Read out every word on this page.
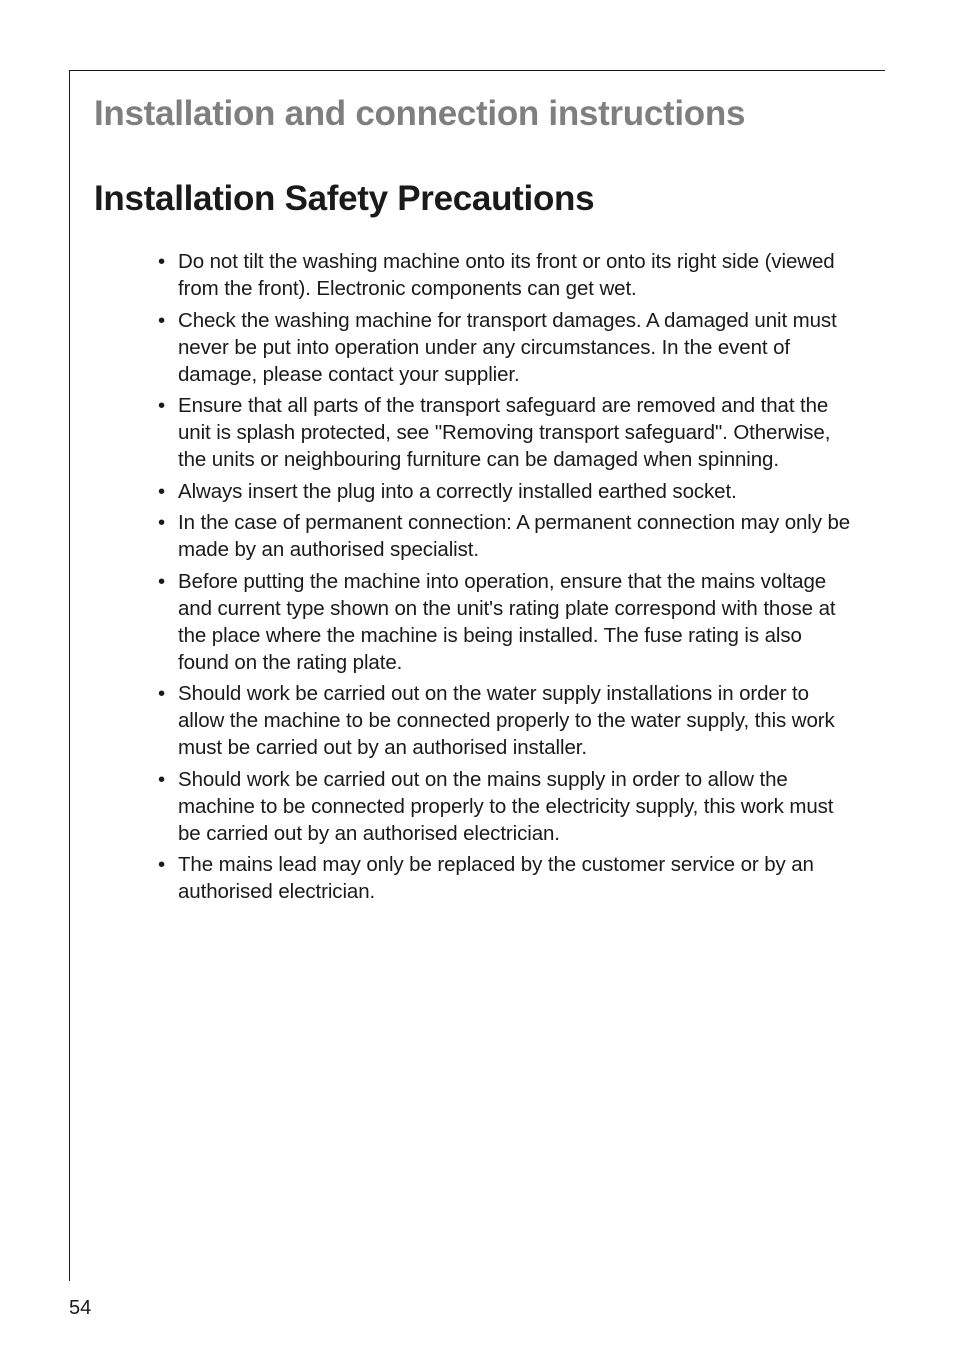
Installation and connection instructions
Installation Safety Precautions
• Do not tilt the washing machine onto its front or onto its right side (viewed from the front). Electronic components can get wet.
• Check the washing machine for transport damages. A damaged unit must never be put into operation under any circumstances. In the event of damage, please contact your supplier.
• Ensure that all parts of the transport safeguard are removed and that the unit is splash protected, see "Removing transport safeguard". Otherwise, the units or neighbouring furniture can be damaged when spinning.
• Always insert the plug into a correctly installed earthed socket.
• In the case of permanent connection: A permanent connection may only be made by an authorised specialist.
• Before putting the machine into operation, ensure that the mains voltage and current type shown on the unit's rating plate correspond with those at the place where the machine is being installed. The fuse rating is also found on the rating plate.
• Should work be carried out on the water supply installations in order to allow the machine to be connected properly to the water supply, this work must be carried out by an authorised installer.
• Should work be carried out on the mains supply in order to allow the machine to be connected properly to the electricity supply, this work must be carried out by an authorised electrician.
• The mains lead may only be replaced by the customer service or by an authorised electrician.
54
